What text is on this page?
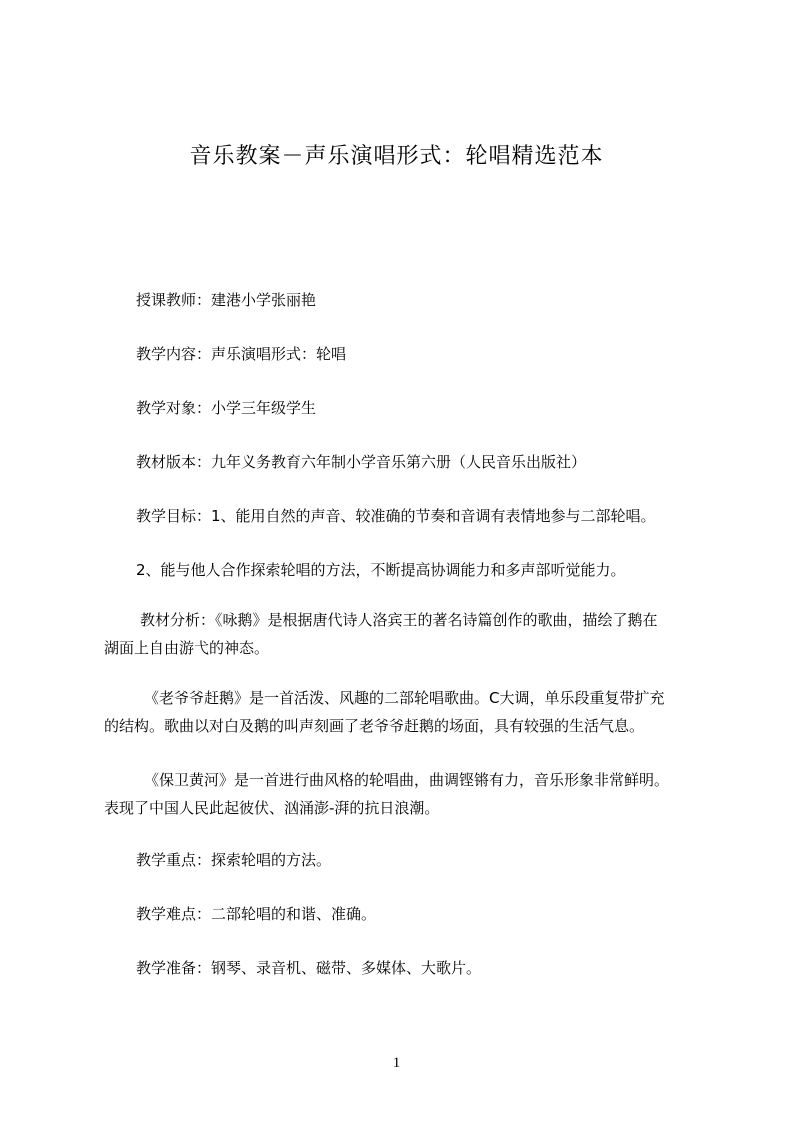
音乐教案－声乐演唱形式：轮唱精选范本
授课教师：建港小学张丽艳
教学内容：声乐演唱形式：轮唱
教学对象：小学三年级学生
教材版本：九年义务教育六年制小学音乐第六册（人民音乐出版社）
教学目标：1、能用自然的声音、较准确的节奏和音调有表情地参与二部轮唱。
2、能与他人合作探索轮唱的方法，不断提高协调能力和多声部听觉能力。
教材分析：《咏鹅》是根据唐代诗人洛宾王的著名诗篇创作的歌曲，描绘了鹅在
湖面上自由游弋的神态。
《老爷爷赶鹅》是一首活泼、风趣的二部轮唱歌曲。C大调，单乐段重复带扩充
的结构。歌曲以对白及鹅的叫声刻画了老爷爷赶鹅的场面，具有较强的生活气息。
《保卫黄河》是一首进行曲风格的轮唱曲，曲调铿锵有力，音乐形象非常鲜明。
表现了中国人民此起彼伏、汹涌澎-湃的抗日浪潮。
教学重点：探索轮唱的方法。
教学难点：二部轮唱的和谐、准确。
教学准备：钢琴、录音机、磁带、多媒体、大歌片。
1
